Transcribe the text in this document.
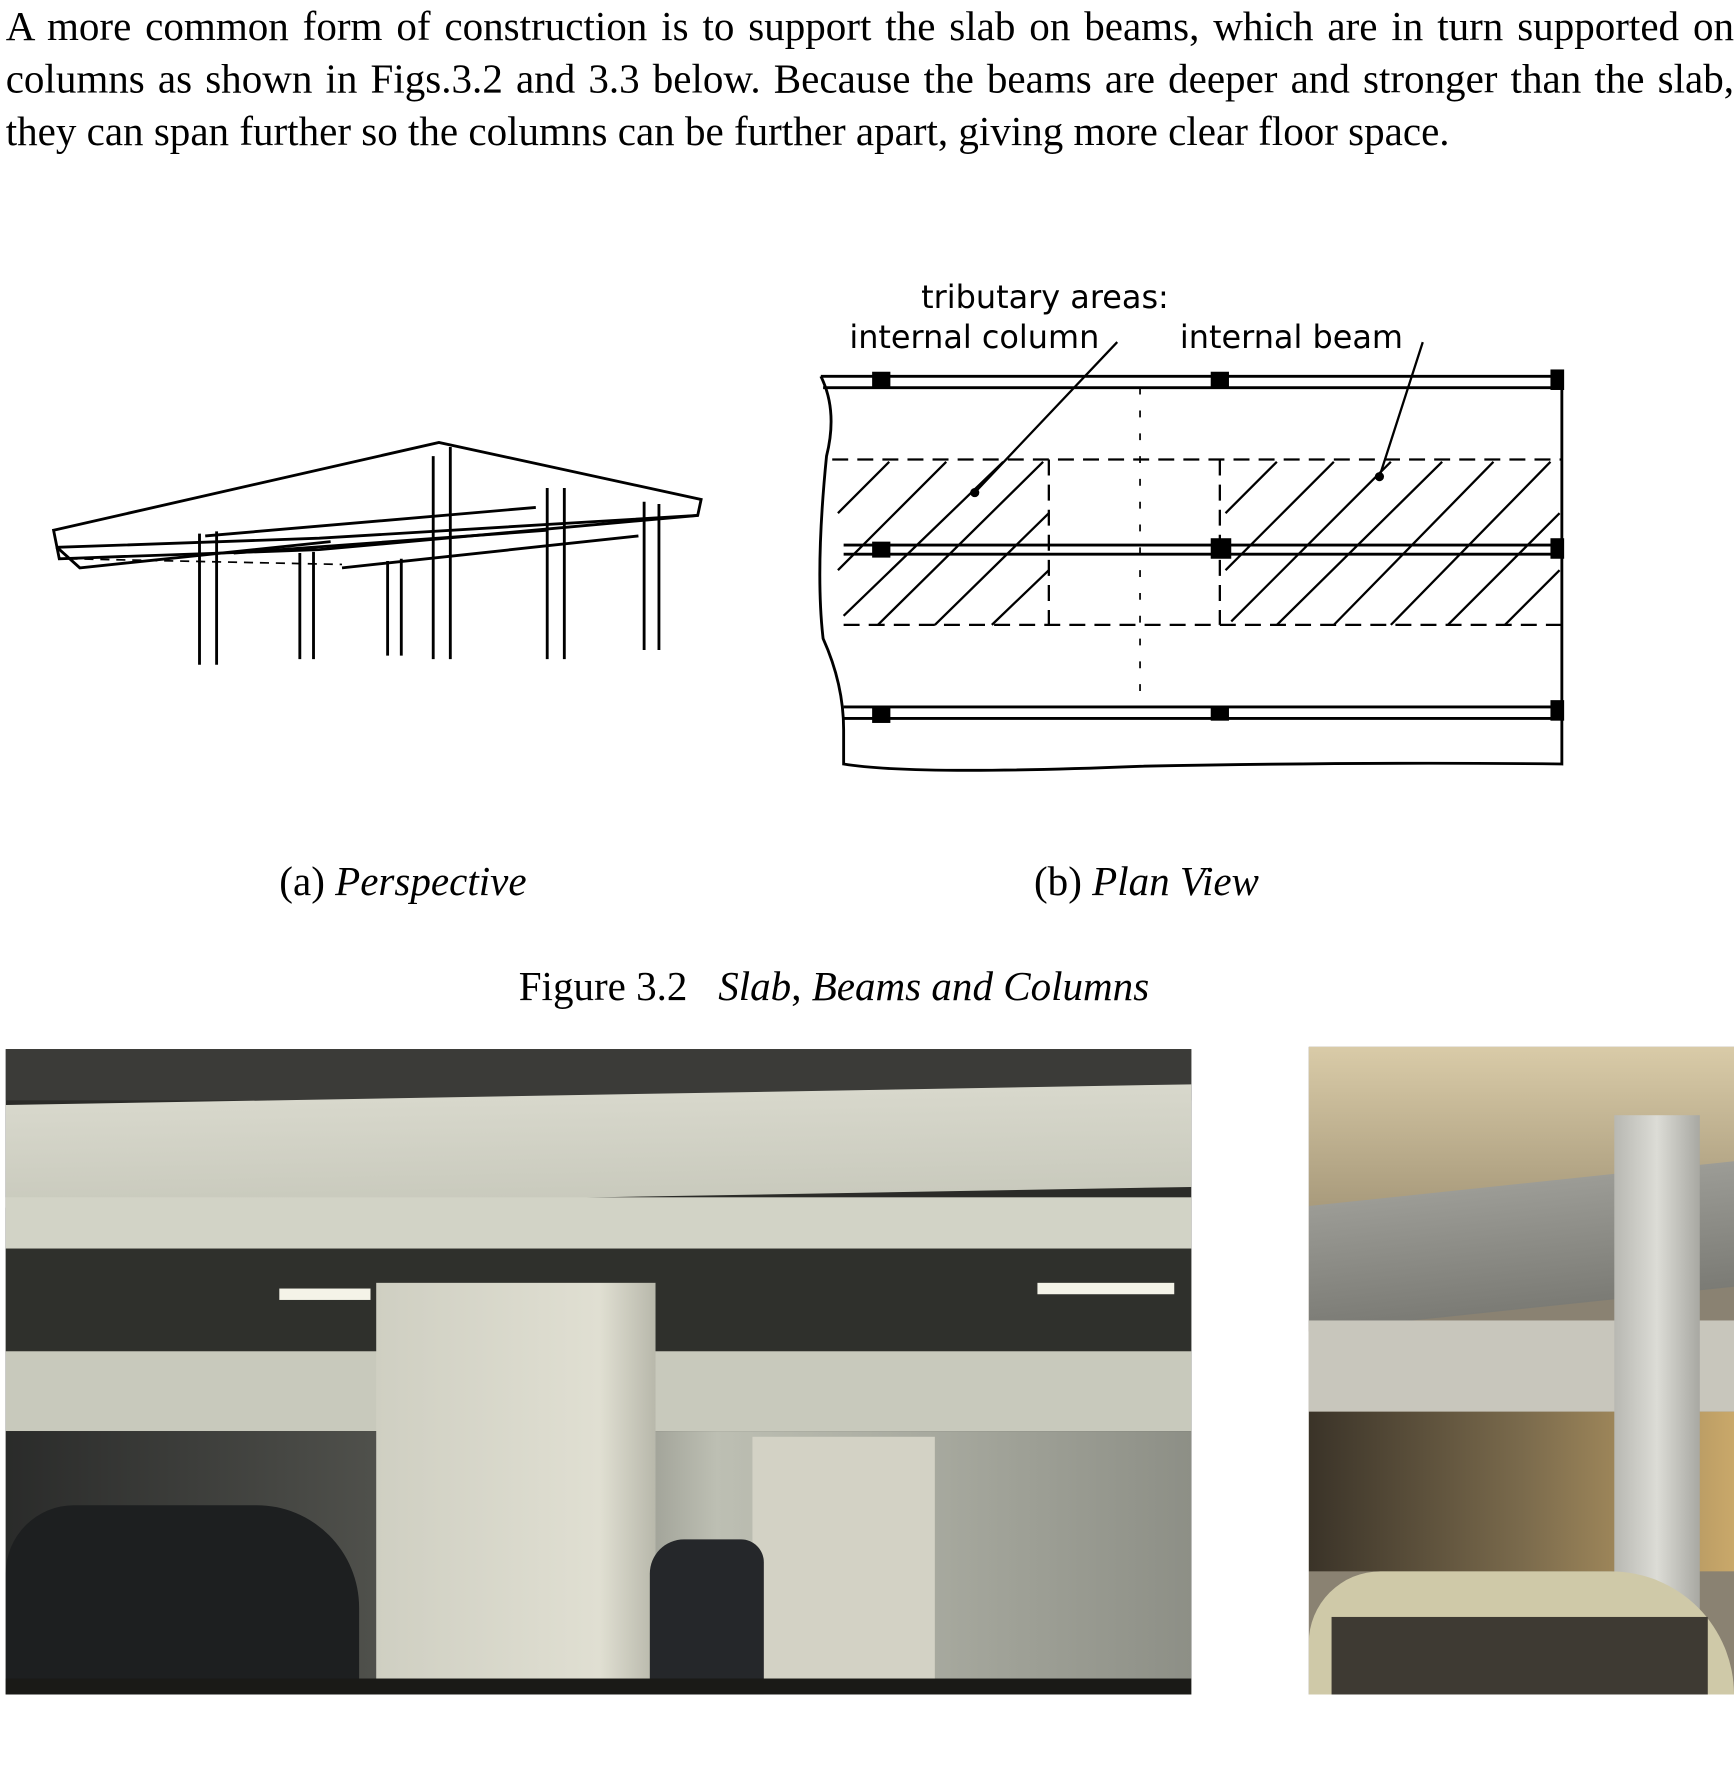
A more common form of construction is to support the slab on beams, which are in turn supported on columns as shown in Figs.3.2 and 3.3 below. Because the beams are deeper and stronger than the slab, they can span further so the columns can be further apart, giving more clear floor space.
tributary areas:
internal column	internal beam
(a) Perspective	(b) Plan View
Figure 3.2 Slab, Beams and Columns
